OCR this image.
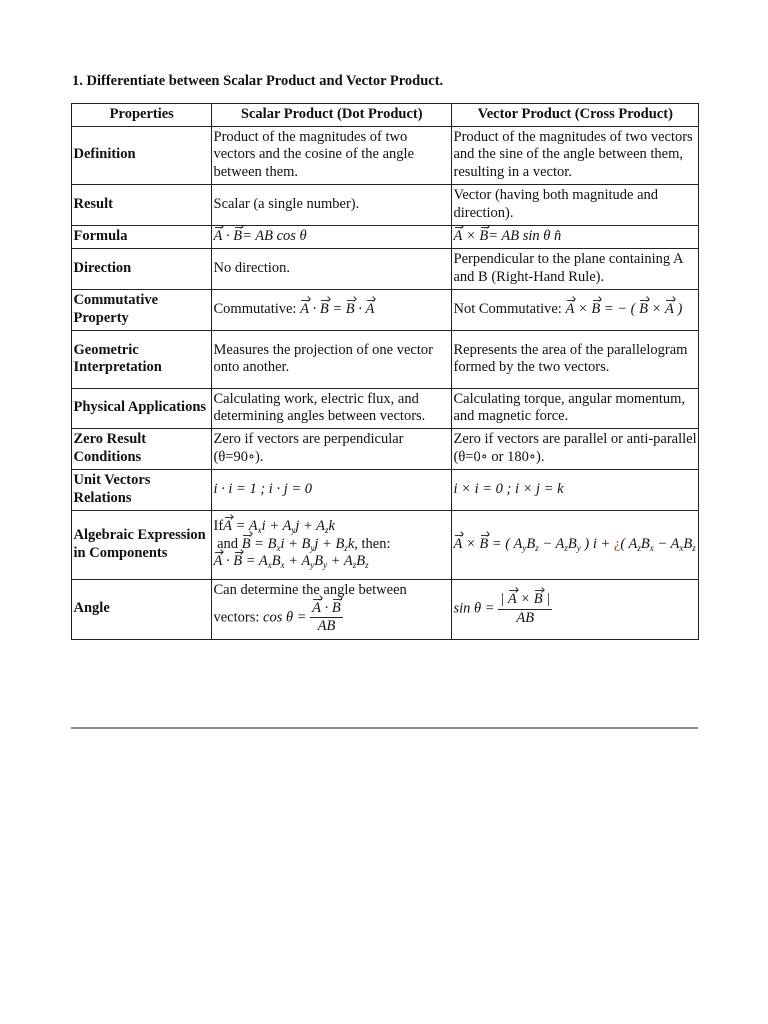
1. Differentiate between Scalar Product and Vector Product.
Properties	Scalar Product (Dot Product)	Vector Product (Cross Product)
Definition	Product of the magnitudes of two vectors and the cosine of the angle between them.	Product of the magnitudes of two vectors and the sine of the angle between them, resulting in a vector.
Result	Scalar (a single number).	Vector (having both magnitude and direction).
Formula	A · B= AB cos θ	A × B= AB sin θ n̂
Direction	No direction.	Perpendicular to the plane containing A and B (Right-Hand Rule).
Commutative Property	Commutative: A · B = B · A	Not Commutative: A × B = − ( B × A )
Geometric Interpretation	Measures the projection of one vector onto another.	Represents the area of the parallelogram formed by the two vectors.
Physical Applications	Calculating work, electric flux, and determining angles between vectors.	Calculating torque, angular momentum, and magnetic force.
Zero Result Conditions	Zero if vectors are perpendicular (θ=90∘).	Zero if vectors are parallel or anti-parallel (θ=0∘ or 180∘).
Unit Vectors Relations	i · i = 1 ; i · j = 0	i × i = 0 ; i × j = k
Algebraic Expression in Components	IfA = $A_xi + A_yj + A_zk$
and $B = B_xi + B_yj + B_zk$, then:
$A \cdot B = A_xB_x + A_yB_y + A_zB_z$	A × B = ( $A_yB_z - A_zB_y$ ) i + ¿( $A_zB_x - A_xB_z$
Angle	Can determine the angle between vectors: $\cos \theta = \frac{A \cdot B}{AB}$	$\sin \theta = \frac{| A \times B |}{AB}$
